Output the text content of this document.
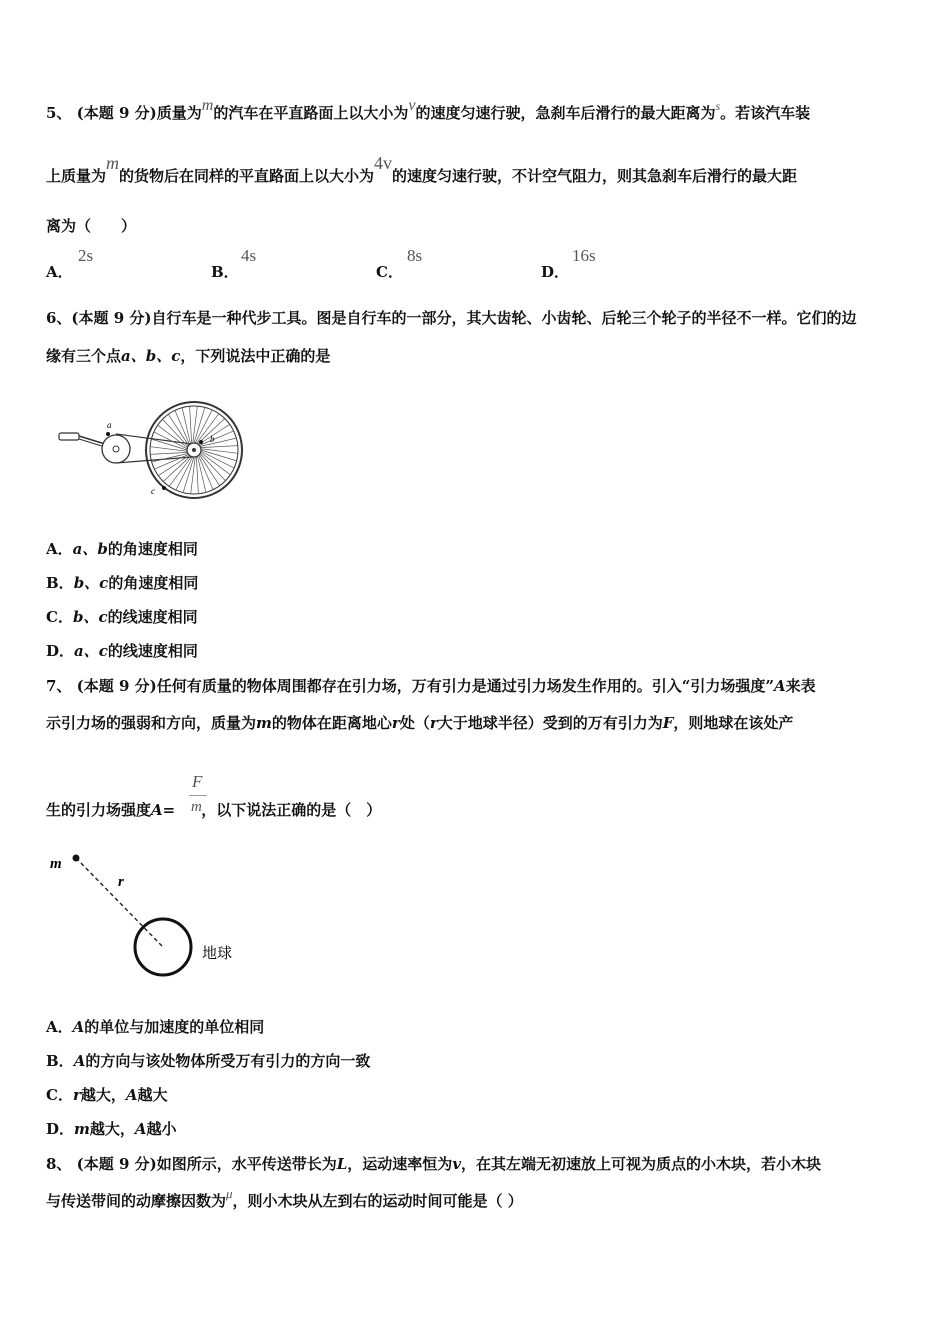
5、 (本题 9 分)质量为m的汽车在平直路面上以大小为v的速度匀速行驶，急刹车后滑行的最大距离为$^s$。若该汽车装
上质量为m的货物后在同样的平直路面上以大小为4v的速度匀速行驶，不计空气阻力，则其急刹车后滑行的最大距
离为（　　）
A．
2s
B．
4s
C．
8s
D．
16s
6、(本题 9 分)自行车是一种代步工具。图是自行车的一部分，其大齿轮、小齿轮、后轮三个轮子的半径不一样。它们的边
缘有三个点a、b、c，下列说法中正确的是
a
b
c
A．a、b的角速度相同
B．b、c的角速度相同
C．b、c的线速度相同
D．a、c的线速度相同
7、 (本题 9 分)任何有质量的物体周围都存在引力场，万有引力是通过引力场发生作用的。引入“引力场强度”A来表
示引力场的强弱和方向，质量为m的物体在距离地心r处（r大于地球半径）受到的万有引力为F，则地球在该处产
生的引力场强度A= ，以下说法正确的是（　）
F
m
m
r
地球
A．A的单位与加速度的单位相同
B．A的方向与该处物体所受万有引力的方向一致
C．r越大，A越大
D．m越大，A越小
8、 (本题 9 分)如图所示，水平传送带长为L，运动速率恒为v，在其左端无初速放上可视为质点的小木块，若小木块
与传送带间的动摩擦因数为μ，则小木块从左到右的运动时间可能是（ ）
